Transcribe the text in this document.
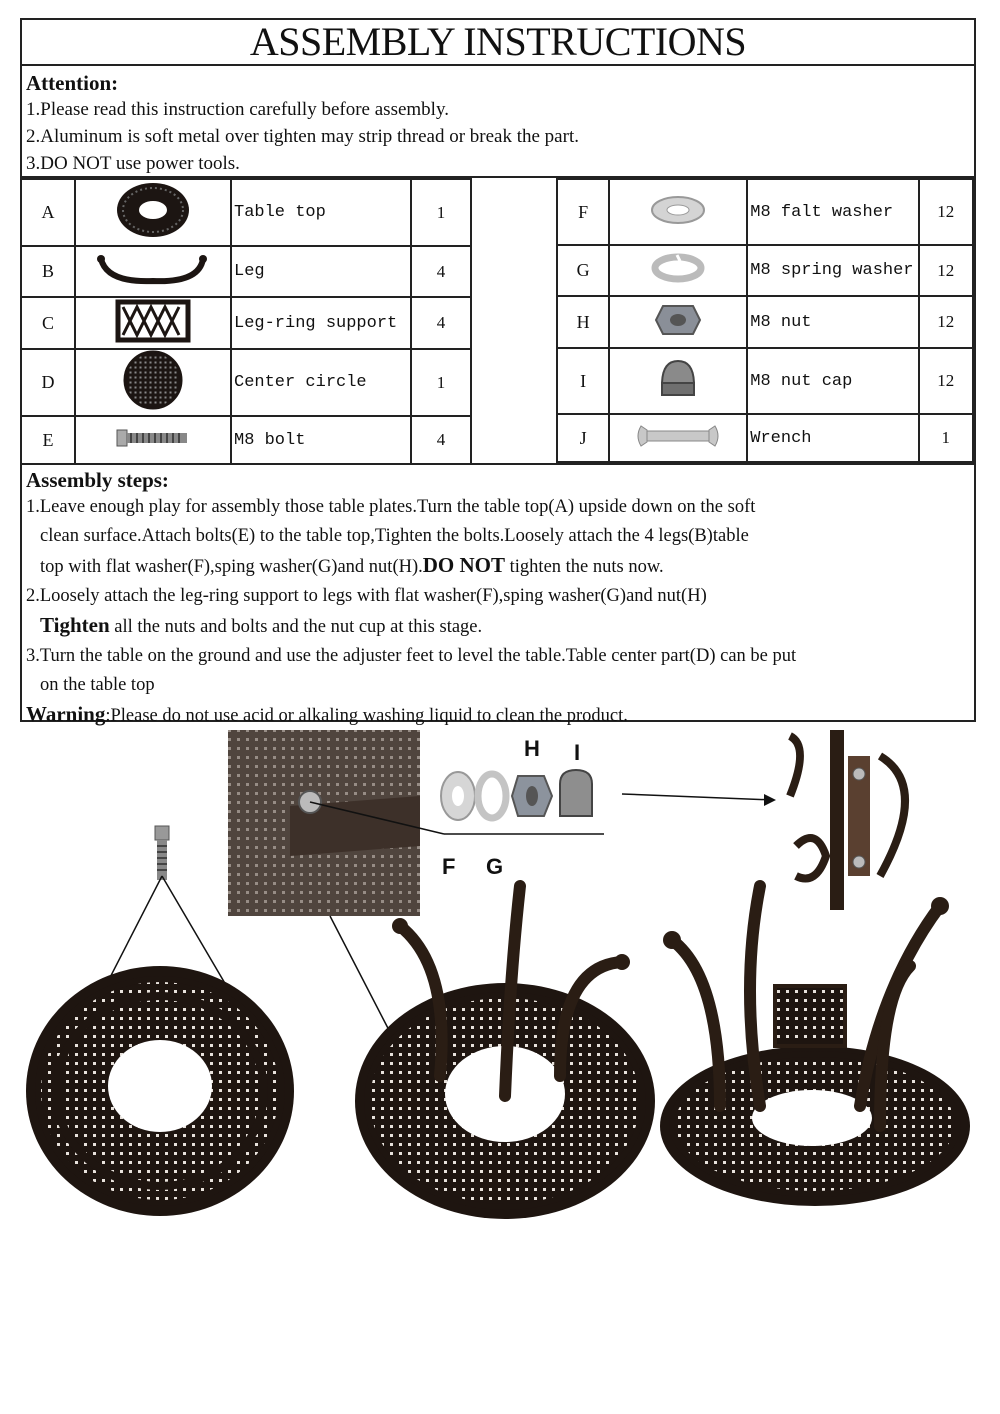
ASSEMBLY INSTRUCTIONS
Attention:

1.Please read this instruction carefully before assembly.

2.Aluminum is soft metal over tighten may strip thread or break the part.

3.DO NOT use power tools.

A		Table top	1
B		Leg	4
C		Leg-ring support	4
D		Center circle	1
E		M8 bolt	4
F		M8 falt washer	12
G		M8 spring washer	12
H		M8 nut	12
I		M8 nut cap	12
J		Wrench	1
Assembly steps:

1.Leave enough play for assembly those table plates.Turn the table top(A) upside down on the soft

clean surface.Attach bolts(E) to the table top,Tighten the bolts.Loosely attach the 4 legs(B)table

top with flat washer(F),sping washer(G)and nut(H).DO NOT tighten the nuts now.

2.Loosely attach the leg-ring support to legs with flat washer(F),sping washer(G)and nut(H)

Tighten all the nuts and bolts and the nut cup at this stage.

3.Turn the table on the ground and use the adjuster feet to level the table.Table center part(D) can be put

on the table top

Warning:Please do not use acid or alkaling washing liquid to clean the product.

H I
F G
